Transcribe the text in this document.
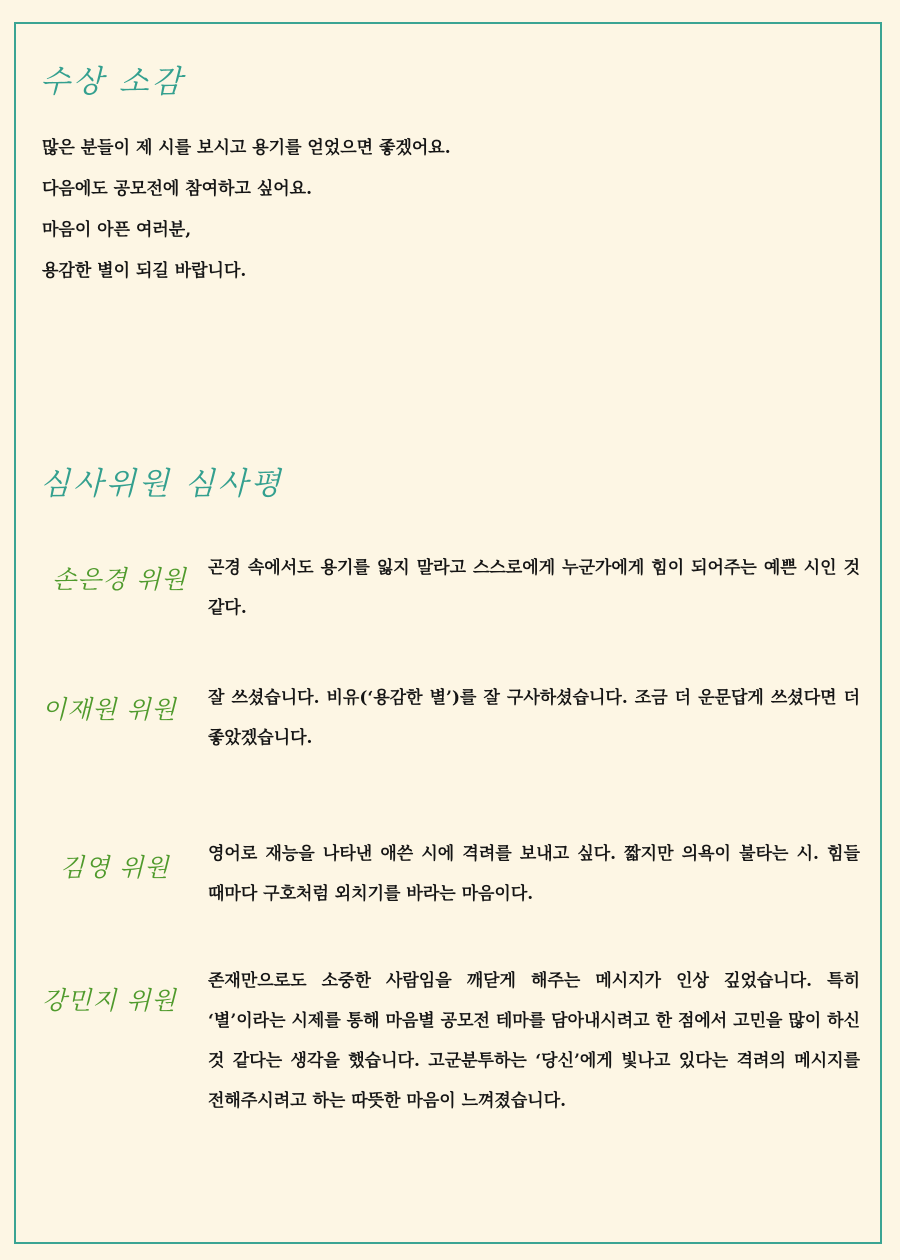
수상 소감
많은 분들이 제 시를 보시고 용기를 얻었으면 좋겠어요.
다음에도 공모전에 참여하고 싶어요.
마음이 아픈 여러분,
용감한 별이 되길 바랍니다.
심사위원 심사평
손은경 위원 곤경 속에서도 용기를 잃지 말라고 스스로에게 누군가에게 힘이 되어주는 예쁜 시인 것 같다.
이재원 위원 잘 쓰셨습니다. 비유(‘용감한 별’)를 잘 구사하셨습니다. 조금 더 운문답게 쓰셨다면 더 좋았겠습니다.
김영 위원 영어로 재능을 나타낸 애쓴 시에 격려를 보내고 싶다. 짧지만 의욕이 불타는 시. 힘들 때마다 구호처럼 외치기를 바라는 마음이다.
강민지 위원
존재만으로도 소중한 사람임을 깨닫게 해주는 메시지가 인상 깊었습니다. 특히 ‘별’이라는 시제를 통해 마음별 공모전 테마를 담아내시려고 한 점에서 고민을 많이 하신 것 같다는 생각을 했습니다. 고군분투하는 ‘당신’에게 빛나고 있다는 격려의 메시지를 전해주시려고 하는 따뜻한 마음이 느껴졌습니다.
